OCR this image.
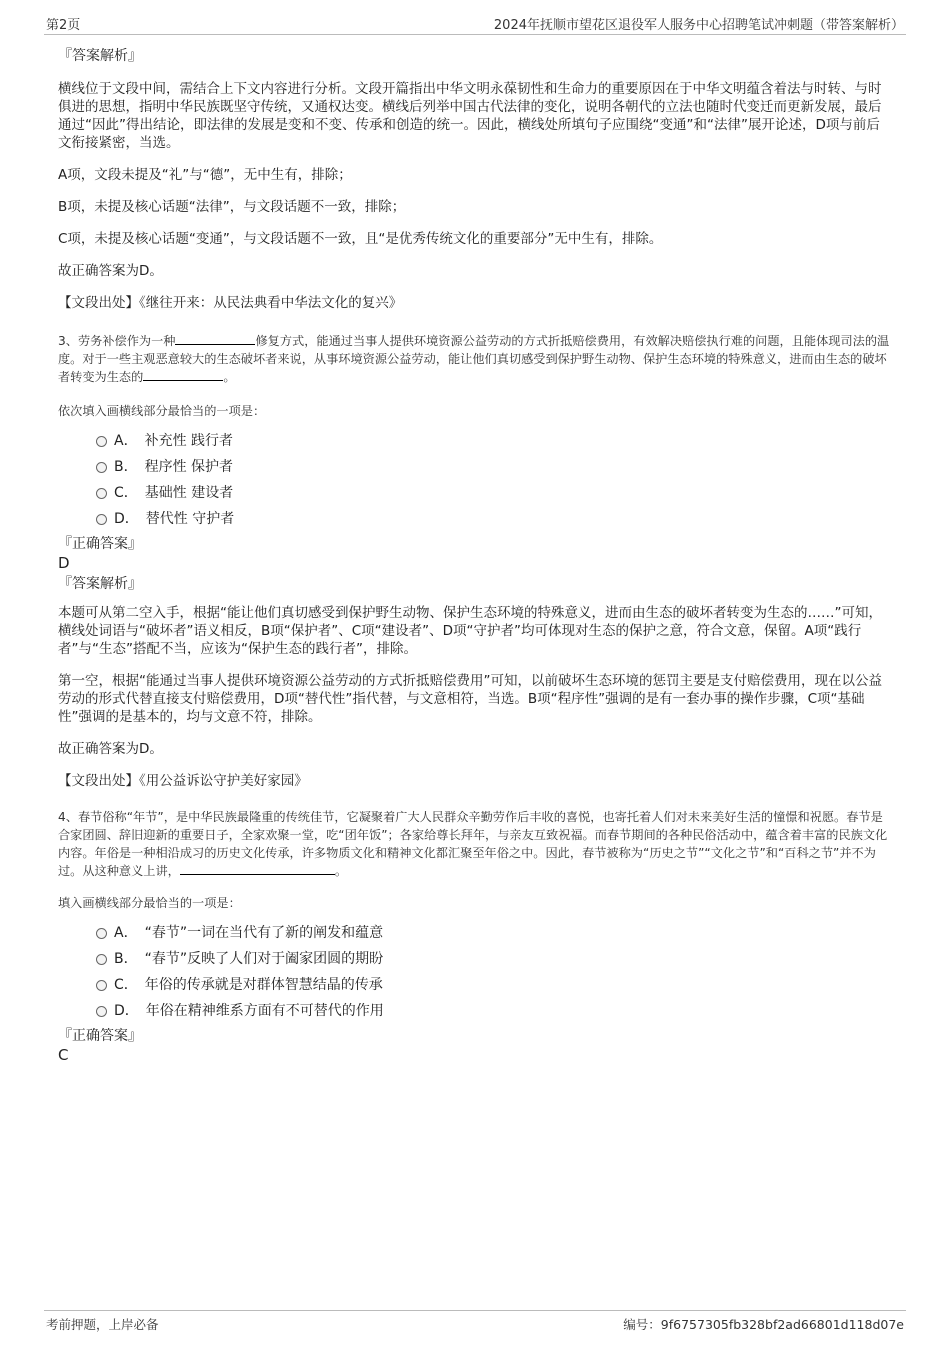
第2页	2024年抚顺市望花区退役军人服务中心招聘笔试冲刺题（带答案解析）
『答案解析』

横线位于文段中间，需结合上下文内容进行分析。文段开篇指出中华文明永葆韧性和生命力的重要原因在于中华文明蕴含着法与时转、与时俱进的思想，指明中华民族既坚守传统，又通权达变。横线后列举中国古代法律的变化，说明各朝代的立法也随时代变迁而更新发展，最后通过“因此”得出结论，即法律的发展是变和不变、传承和创造的统一。因此，横线处所填句子应围绕“变通”和“法律”展开论述，D项与前后文衔接紧密，当选。

A项，文段未提及“礼”与“德”，无中生有，排除；

B项，未提及核心话题“法律”，与文段话题不一致，排除；

C项，未提及核心话题“变通”，与文段话题不一致，且“是优秀传统文化的重要部分”无中生有，排除。

故正确答案为D。

【文段出处】《继往开来：从民法典看中华法文化的复兴》

3、劳务补偿作为一种	修复方式，能通过当事人提供环境资源公益劳动的方式折抵赔偿费用，有效解决赔偿执行难的问题，且能体现司法的温度。对于一些主观恶意较大的生态破坏者来说，从事环境资源公益劳动，能让他们真切感受到保护野生动物、保护生态环境的特殊意义，进而由生态的破坏者转变为生态的	。

依次填入画横线部分最恰当的一项是：

A．　补充性 践行者
B．　程序性 保护者
C．　基础性 建设者
D．　替代性 守护者
『正确答案』
D
『答案解析』

本题可从第二空入手，根据“能让他们真切感受到保护野生动物、保护生态环境的特殊意义，进而由生态的破坏者转变为生态的……”可知，横线处词语与“破坏者”语义相反，B项“保护者”、C项“建设者”、D项“守护者”均可体现对生态的保护之意，符合文意，保留。A项“践行者”与“生态”搭配不当，应该为“保护生态的践行者”，排除。

第一空，根据“能通过当事人提供环境资源公益劳动的方式折抵赔偿费用”可知，以前破坏生态环境的惩罚主要是支付赔偿费用，现在以公益劳动的形式代替直接支付赔偿费用，D项“替代性”指代替，与文意相符，当选。B项“程序性”强调的是有一套办事的操作步骤，C项“基础性”强调的是基本的，均与文意不符，排除。

故正确答案为D。

【文段出处】《用公益诉讼守护美好家园》

4、春节俗称“年节”，是中华民族最隆重的传统佳节，它凝聚着广大人民群众辛勤劳作后丰收的喜悦，也寄托着人们对未来美好生活的憧憬和祝愿。春节是合家团圆、辞旧迎新的重要日子，全家欢聚一堂，吃“团年饭”；各家给尊长拜年，与亲友互致祝福。而春节期间的各种民俗活动中，蕴含着丰富的民族文化内容。年俗是一种相沿成习的历史文化传承，许多物质文化和精神文化都汇聚至年俗之中。因此，春节被称为“历史之节”“文化之节”和“百科之节”并不为过。从这种意义上讲，	。

填入画横线部分最恰当的一项是：

A．　“春节”一词在当代有了新的阐发和蕴意
B．　“春节”反映了人们对于阖家团圆的期盼
C．　年俗的传承就是对群体智慧结晶的传承
D．　年俗在精神维系方面有不可替代的作用
『正确答案』
C
考前押题，上岸必备	编号：9f6757305fb328bf2ad66801d118d07e
